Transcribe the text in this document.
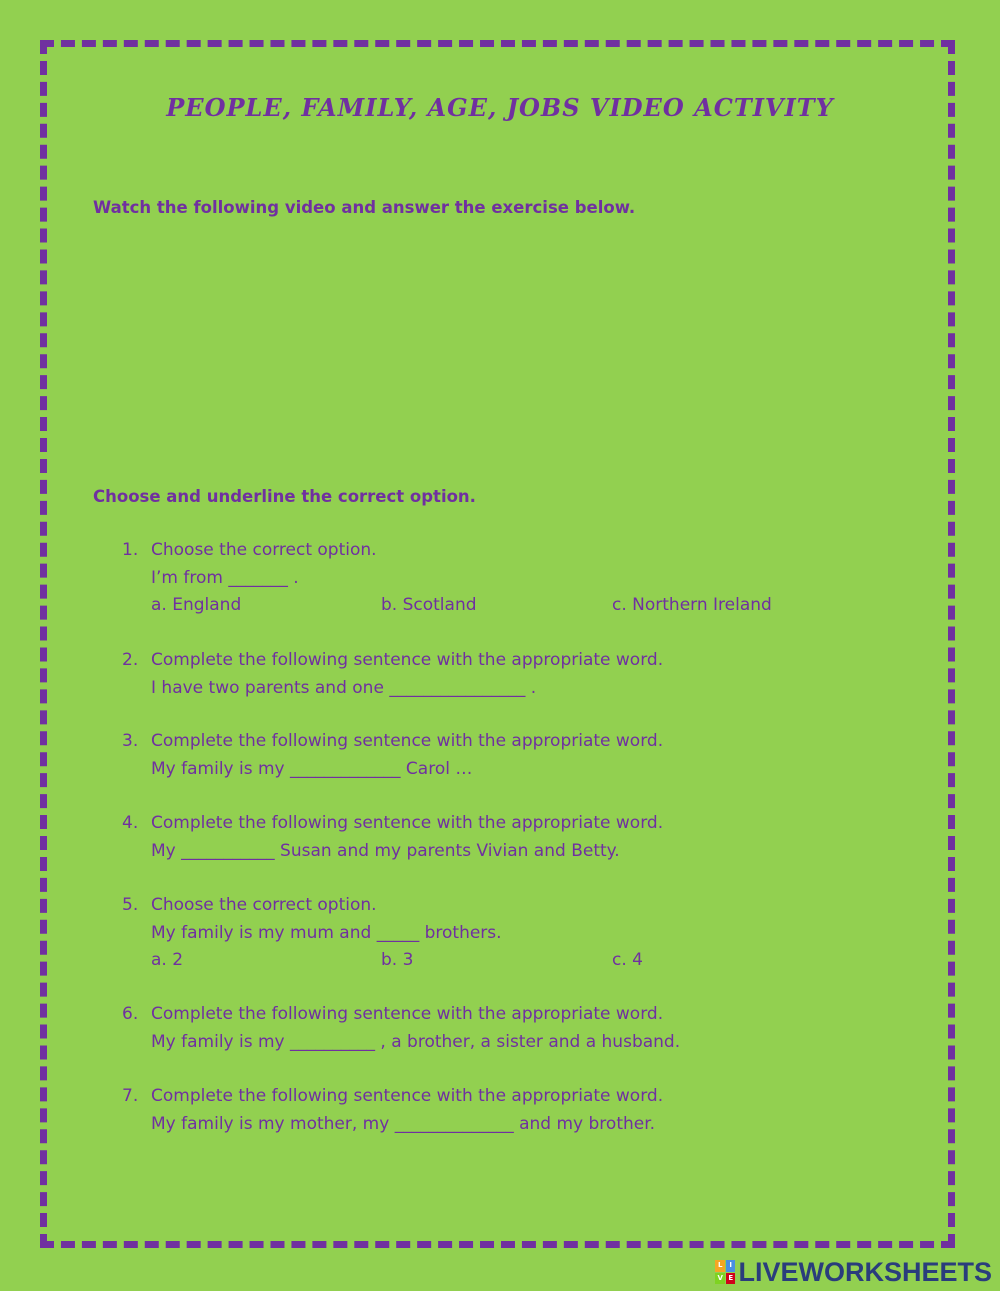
PEOPLE, FAMILY, AGE, JOBS VIDEO ACTIVITY
Watch the following video and answer the exercise below.
Choose and underline the correct option.
1. Choose the correct option.
I’m from _______ .
a. England	b. Scotland	c. Northern Ireland
2. Complete the following sentence with the appropriate word.
I have two parents and one ________________ .
3. Complete the following sentence with the appropriate word.
My family is my _____________ Carol …
4. Complete the following sentence with the appropriate word.
My ___________ Susan and my parents Vivian and Betty.
5. Choose the correct option.
My family is my mum and _____ brothers.
a. 2	b. 3	c. 4
6. Complete the following sentence with the appropriate word.
My family is my __________ , a brother, a sister and a husband.
7. Complete the following sentence with the appropriate word.
My family is my mother, my ______________ and my brother.
L I
V E LIVEWORKSHEETS
